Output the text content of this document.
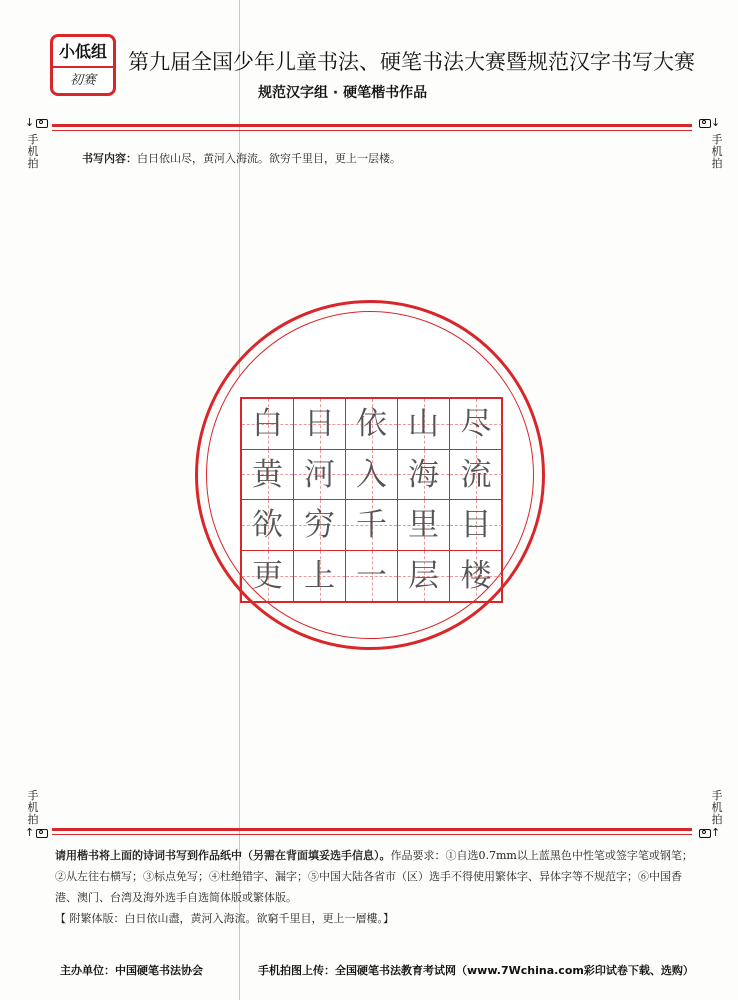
小低组
初赛
第九届全国少年儿童书法、硬笔书法大赛暨规范汉字书写大赛
规范汉字组 · 硬笔楷书作品
↓
手机拍
↓
手机拍
书写内容：白日依山尽，黄河入海流。欲穷千里目，更上一层楼。
白 日 依 山 尽
黄 河 入 海 流
欲 穷 千 里 目
更 上 一 层 楼
手机拍
↑
手机拍
↑
请用楷书将上面的诗词书写到作品纸中（另需在背面填妥选手信息）。作品要求：①自选0.7mm以上蓝黑色中性笔或签字笔或钢笔；②从左往右横写；③标点免写；④杜绝错字、漏字；⑤中国大陆各省市（区）选手不得使用繁体字、异体字等不规范字；⑥中国香港、澳门、台湾及海外选手自选简体版或繁体版。
【 附繁体版：白日依山盡，黄河入海流。欲窮千里目，更上一層樓。】
主办单位：中国硬笔书法协会	手机拍图上传：全国硬笔书法教育考试网（www.7Wchina.com彩印试卷下载、选购）
